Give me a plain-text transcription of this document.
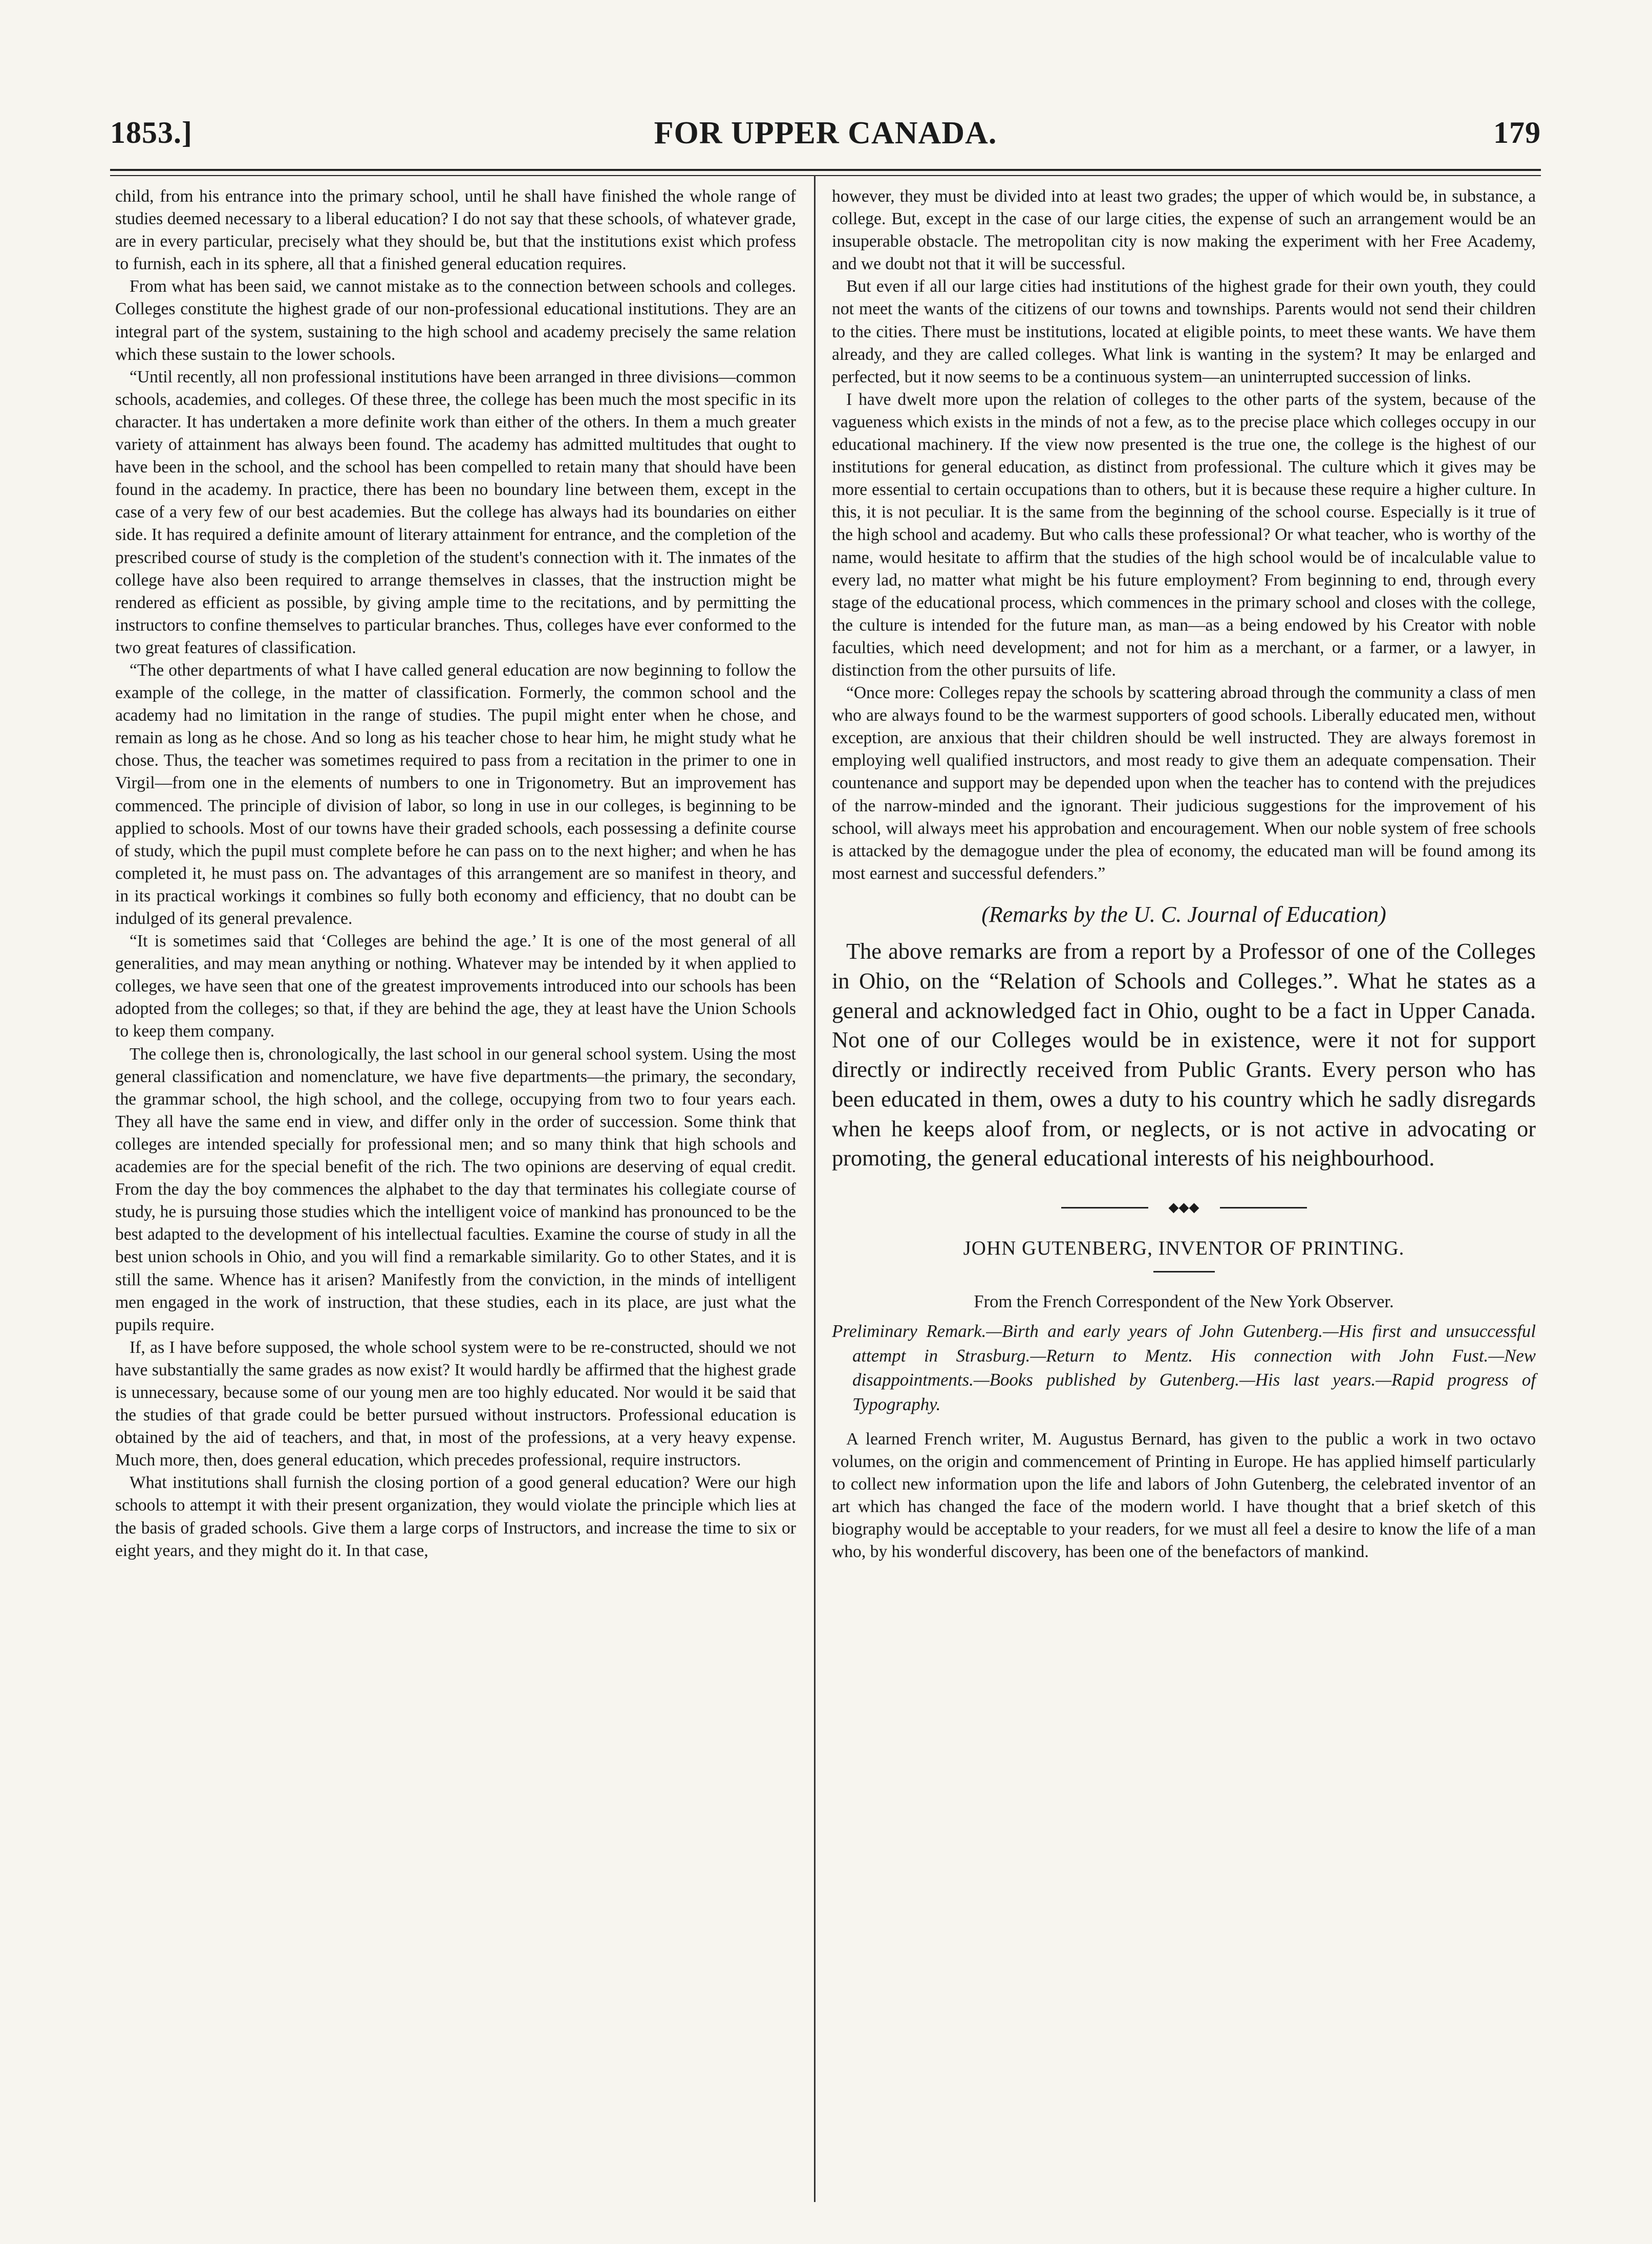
1853.]	FOR UPPER CANADA.	179

child, from his entrance into the primary school, until he shall have finished the whole range of studies deemed necessary to a liberal education? I do not say that these schools, of whatever grade, are in every particular, precisely what they should be, but that the institutions exist which profess to furnish, each in its sphere, all that a finished general education requires.

From what has been said, we cannot mistake as to the connection between schools and colleges. Colleges constitute the highest grade of our non-professional educational institutions. They are an integral part of the system, sustaining to the high school and academy precisely the same relation which these sustain to the lower schools.

“Until recently, all non professional institutions have been arranged in three divisions—common schools, academies, and colleges. Of these three, the college has been much the most specific in its character. It has undertaken a more definite work than either of the others. In them a much greater variety of attainment has always been found. The academy has admitted multitudes that ought to have been in the school, and the school has been compelled to retain many that should have been found in the academy. In practice, there has been no boundary line between them, except in the case of a very few of our best academies. But the college has always had its boundaries on either side. It has required a definite amount of literary attainment for entrance, and the completion of the prescribed course of study is the completion of the student's connection with it. The inmates of the college have also been required to arrange themselves in classes, that the instruction might be rendered as efficient as possible, by giving ample time to the recitations, and by permitting the instructors to confine themselves to particular branches. Thus, colleges have ever conformed to the two great features of classification.

“The other departments of what I have called general education are now beginning to follow the example of the college, in the matter of classification. Formerly, the common school and the academy had no limitation in the range of studies. The pupil might enter when he chose, and remain as long as he chose. And so long as his teacher chose to hear him, he might study what he chose. Thus, the teacher was sometimes required to pass from a recitation in the primer to one in Virgil—from one in the elements of numbers to one in Trigonometry. But an improvement has commenced. The principle of division of labor, so long in use in our colleges, is beginning to be applied to schools. Most of our towns have their graded schools, each possessing a definite course of study, which the pupil must complete before he can pass on to the next higher; and when he has completed it, he must pass on. The advantages of this arrangement are so manifest in theory, and in its practical workings it combines so fully both economy and efficiency, that no doubt can be indulged of its general prevalence.

“It is sometimes said that ‘Colleges are behind the age.’ It is one of the most general of all generalities, and may mean anything or nothing. Whatever may be intended by it when applied to colleges, we have seen that one of the greatest improvements introduced into our schools has been adopted from the colleges; so that, if they are behind the age, they at least have the Union Schools to keep them company.

The college then is, chronologically, the last school in our general school system. Using the most general classification and nomenclature, we have five departments—the primary, the secondary, the grammar school, the high school, and the college, occupying from two to four years each. They all have the same end in view, and differ only in the order of succession. Some think that colleges are intended specially for professional men; and so many think that high schools and academies are for the special benefit of the rich. The two opinions are deserving of equal credit. From the day the boy commences the alphabet to the day that terminates his collegiate course of study, he is pursuing those studies which the intelligent voice of mankind has pronounced to be the best adapted to the development of his intellectual faculties. Examine the course of study in all the best union schools in Ohio, and you will find a remarkable similarity. Go to other States, and it is still the same. Whence has it arisen? Manifestly from the conviction, in the minds of intelligent men engaged in the work of instruction, that these studies, each in its place, are just what the pupils require.

If, as I have before supposed, the whole school system were to be re-constructed, should we not have substantially the same grades as now exist? It would hardly be affirmed that the highest grade is unnecessary, because some of our young men are too highly educated. Nor would it be said that the studies of that grade could be better pursued without instructors. Professional education is obtained by the aid of teachers, and that, in most of the professions, at a very heavy expense. Much more, then, does general education, which precedes professional, require instructors.

What institutions shall furnish the closing portion of a good general education? Were our high schools to attempt it with their present organization, they would violate the principle which lies at the basis of graded schools. Give them a large corps of Instructors, and increase the time to six or eight years, and they might do it. In that case,

however, they must be divided into at least two grades; the upper of which would be, in substance, a college. But, except in the case of our large cities, the expense of such an arrangement would be an insuperable obstacle. The metropolitan city is now making the experiment with her Free Academy, and we doubt not that it will be successful.

But even if all our large cities had institutions of the highest grade for their own youth, they could not meet the wants of the citizens of our towns and townships. Parents would not send their children to the cities. There must be institutions, located at eligible points, to meet these wants. We have them already, and they are called colleges. What link is wanting in the system? It may be enlarged and perfected, but it now seems to be a continuous system—an uninterrupted succession of links.

I have dwelt more upon the relation of colleges to the other parts of the system, because of the vagueness which exists in the minds of not a few, as to the precise place which colleges occupy in our educational machinery. If the view now presented is the true one, the college is the highest of our institutions for general education, as distinct from professional. The culture which it gives may be more essential to certain occupations than to others, but it is because these require a higher culture. In this, it is not peculiar. It is the same from the beginning of the school course. Especially is it true of the high school and academy. But who calls these professional? Or what teacher, who is worthy of the name, would hesitate to affirm that the studies of the high school would be of incalculable value to every lad, no matter what might be his future employment? From beginning to end, through every stage of the educational process, which commences in the primary school and closes with the college, the culture is intended for the future man, as man—as a being endowed by his Creator with noble faculties, which need development; and not for him as a merchant, or a farmer, or a lawyer, in distinction from the other pursuits of life.

“Once more: Colleges repay the schools by scattering abroad through the community a class of men who are always found to be the warmest supporters of good schools. Liberally educated men, without exception, are anxious that their children should be well instructed. They are always foremost in employing well qualified instructors, and most ready to give them an adequate compensation. Their countenance and support may be depended upon when the teacher has to contend with the prejudices of the narrow-minded and the ignorant. Their judicious suggestions for the improvement of his school, will always meet his approbation and encouragement. When our noble system of free schools is attacked by the demagogue under the plea of economy, the educated man will be found among its most earnest and successful defenders.”

(Remarks by the U. C. Journal of Education)

The above remarks are from a report by a Professor of one of the Colleges in Ohio, on the “Relation of Schools and Colleges.”. What he states as a general and acknowledged fact in Ohio, ought to be a fact in Upper Canada. Not one of our Colleges would be in existence, were it not for support directly or indirectly received from Public Grants. Every person who has been educated in them, owes a duty to his country which he sadly disregards when he keeps aloof from, or neglects, or is not active in advocating or promoting, the general educational interests of his neighbourhood.

◆◆◆
JOHN GUTENBERG, INVENTOR OF PRINTING.
From the French Correspondent of the New York Observer.

Preliminary Remark.—Birth and early years of John Gutenberg.—His first and unsuccessful attempt in Strasburg.—Return to Mentz. His connection with John Fust.—New disappointments.—Books published by Gutenberg.—His last years.—Rapid progress of Typography.

A learned French writer, M. Augustus Bernard, has given to the public a work in two octavo volumes, on the origin and commencement of Printing in Europe. He has applied himself particularly to collect new information upon the life and labors of John Gutenberg, the celebrated inventor of an art which has changed the face of the modern world. I have thought that a brief sketch of this biography would be acceptable to your readers, for we must all feel a desire to know the life of a man who, by his wonderful discovery, has been one of the benefactors of mankind.
